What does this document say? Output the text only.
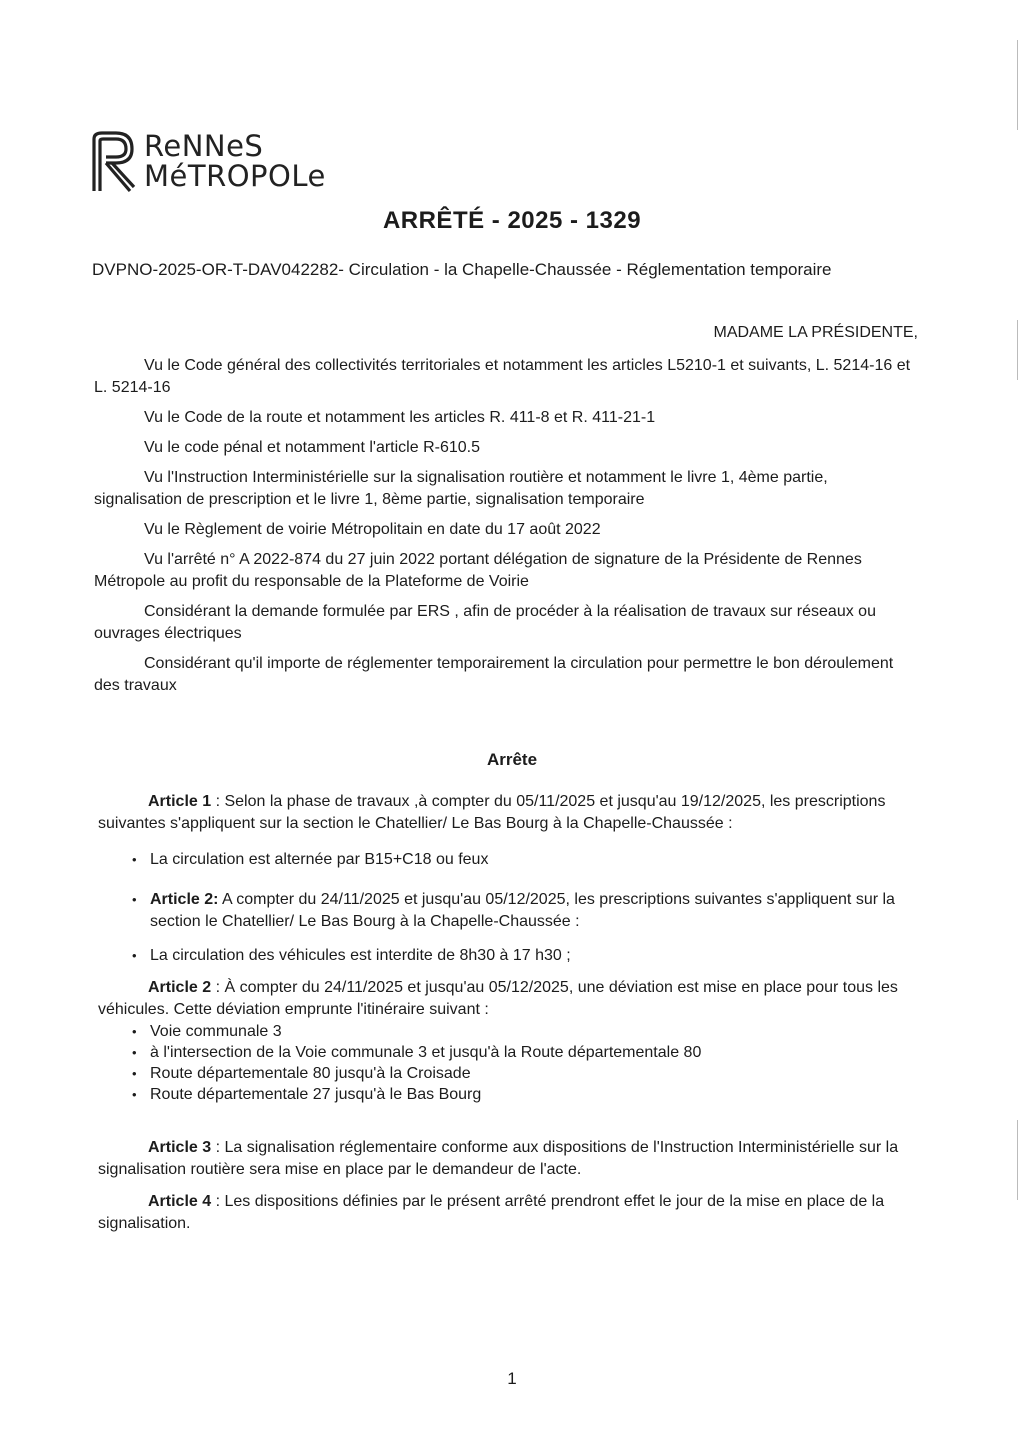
ReNNeS
MéTROPOLe
ARRÊTÉ - 2025 - 1329
DVPNO-2025-OR-T-DAV042282- Circulation - la Chapelle-Chaussée - Réglementation temporaire
MADAME LA PRÉSIDENTE,

Vu le Code général des collectivités territoriales et notamment les articles L5210-1 et suivants, L. 5214-16 et L. 5214-16

Vu le Code de la route et notamment les articles R. 411-8 et R. 411-21-1

Vu le code pénal et notamment l'article R-610.5

Vu l'Instruction Interministérielle sur la signalisation routière et notamment le livre 1, 4ème partie, signalisation de prescription et le livre 1, 8ème partie, signalisation temporaire

Vu le Règlement de voirie Métropolitain en date du 17 août 2022

Vu l'arrêté n° A 2022-874 du 27 juin 2022 portant délégation de signature de la Présidente de Rennes Métropole au profit du responsable de la Plateforme de Voirie

Considérant la demande formulée par ERS , afin de procéder à la réalisation de travaux sur réseaux ou ouvrages électriques

Considérant qu'il importe de réglementer temporairement la circulation pour permettre le bon déroulement des travaux

Arrête

Article 1 : Selon la phase de travaux ,à compter du 05/11/2025 et jusqu'au 19/12/2025, les prescriptions suivantes s'appliquent sur la section le Chatellier/ Le Bas Bourg à la Chapelle-Chaussée :

• La circulation est alternée par B15+C18 ou feux
• Article 2: A compter du 24/11/2025 et jusqu'au 05/12/2025, les prescriptions suivantes s'appliquent sur la section le Chatellier/ Le Bas Bourg à la Chapelle-Chaussée :
• La circulation des véhicules est interdite de 8h30 à 17 h30 ;

Article 2 : À compter du 24/11/2025 et jusqu'au 05/12/2025, une déviation est mise en place pour tous les véhicules. Cette déviation emprunte l'itinéraire suivant :

• Voie communale 3
• à l'intersection de la Voie communale 3 et jusqu'à la Route départementale 80
• Route départementale 80 jusqu'à la Croisade
• Route départementale 27 jusqu'à le Bas Bourg

Article 3 : La signalisation réglementaire conforme aux dispositions de l'Instruction Interministérielle sur la signalisation routière sera mise en place par le demandeur de l'acte.

Article 4 : Les dispositions définies par le présent arrêté prendront effet le jour de la mise en place de la signalisation.

1
